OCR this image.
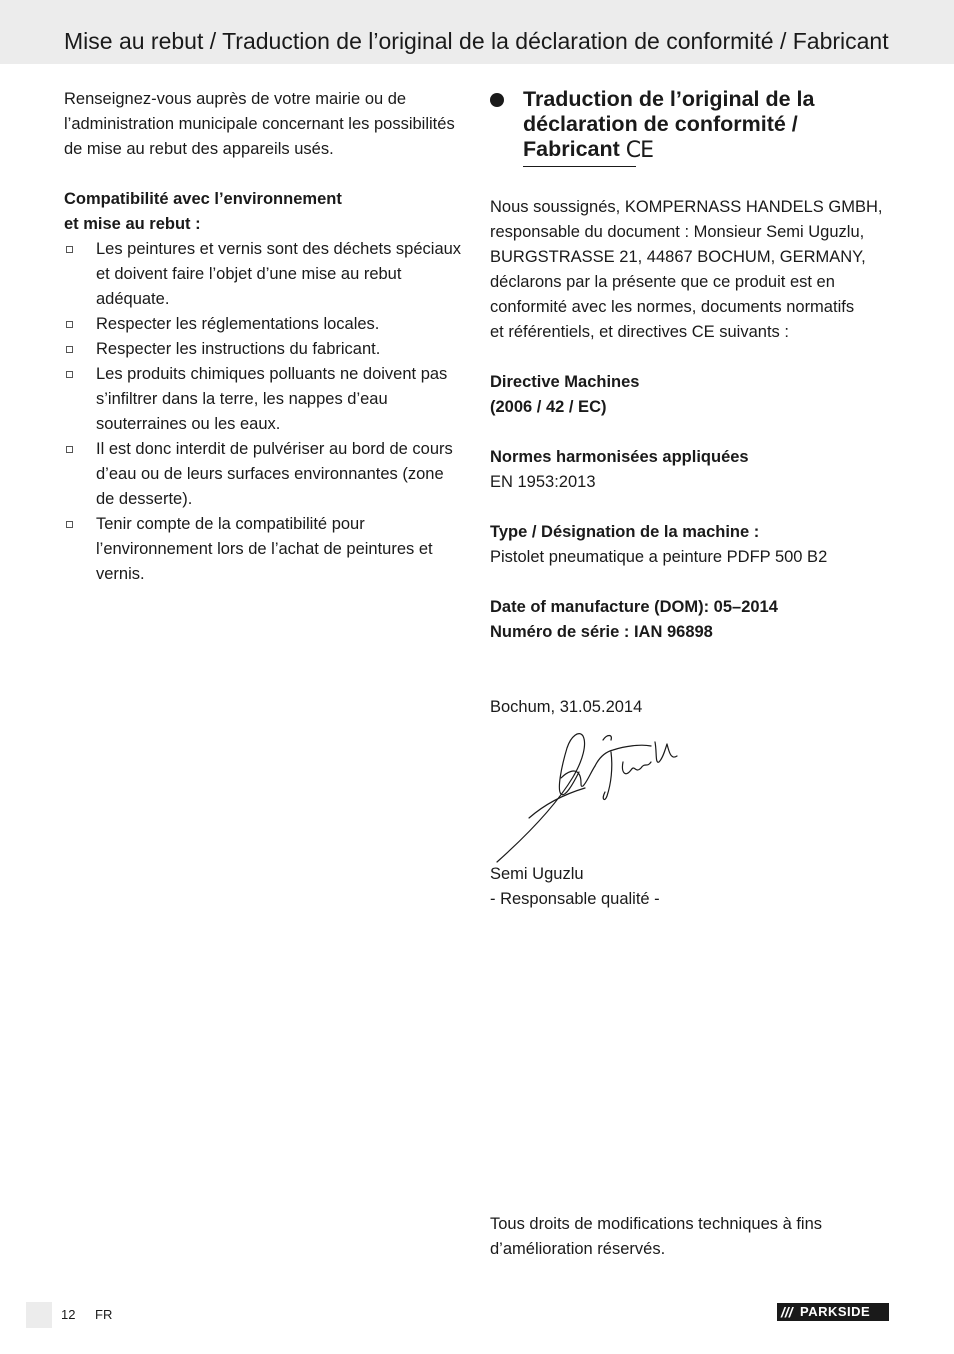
Mise au rebut / Traduction de l’original de la déclaration de conformité / Fabricant

Renseignez-vous auprès de votre mairie ou de l’administration municipale concernant les possibilités de mise au rebut des appareils usés.

Compatibilité avec l’environnement
et mise au rebut :
Les peintures et vernis sont des déchets spéciaux et doivent faire l’objet d’une mise au rebut adéquate.
Respecter les réglementations locales.
Respecter les instructions du fabricant.
Les produits chimiques polluants ne doivent pas s’infiltrer dans la terre, les nappes d’eau souterraines ou les eaux.
Il est donc interdit de pulvériser au bord de cours d’eau ou de leurs surfaces environnantes (zone de desserte).
Tenir compte de la compatibilité pour l’environnement lors de l’achat de peintures et vernis.

Traduction de l’original de la

déclaration de conformité /

Fabricant CE

Nous soussignés, KOMPERNASS HANDELS GMBH,

responsable du document : Monsieur Semi Uguzlu,

BURGSTRASSE 21, 44867 BOCHUM, GERMANY,

déclarons par la présente que ce produit est en

conformité avec les normes, documents normatifs

et référentiels, et directives CE suivants :

Directive Machines

(2006 / 42 / EC)

Normes harmonisées appliquées

EN 1953:2013

Type / Désignation de la machine :

Pistolet pneumatique a peinture PDFP 500 B2

Date of manufacture (DOM): 05–2014

Numéro de série : IAN 96898

Bochum, 31.05.2014

Semi Uguzlu

- Responsable qualité -

Tous droits de modifications techniques à fins d’amélioration réservés.

12 FR	/// PARKSIDE
